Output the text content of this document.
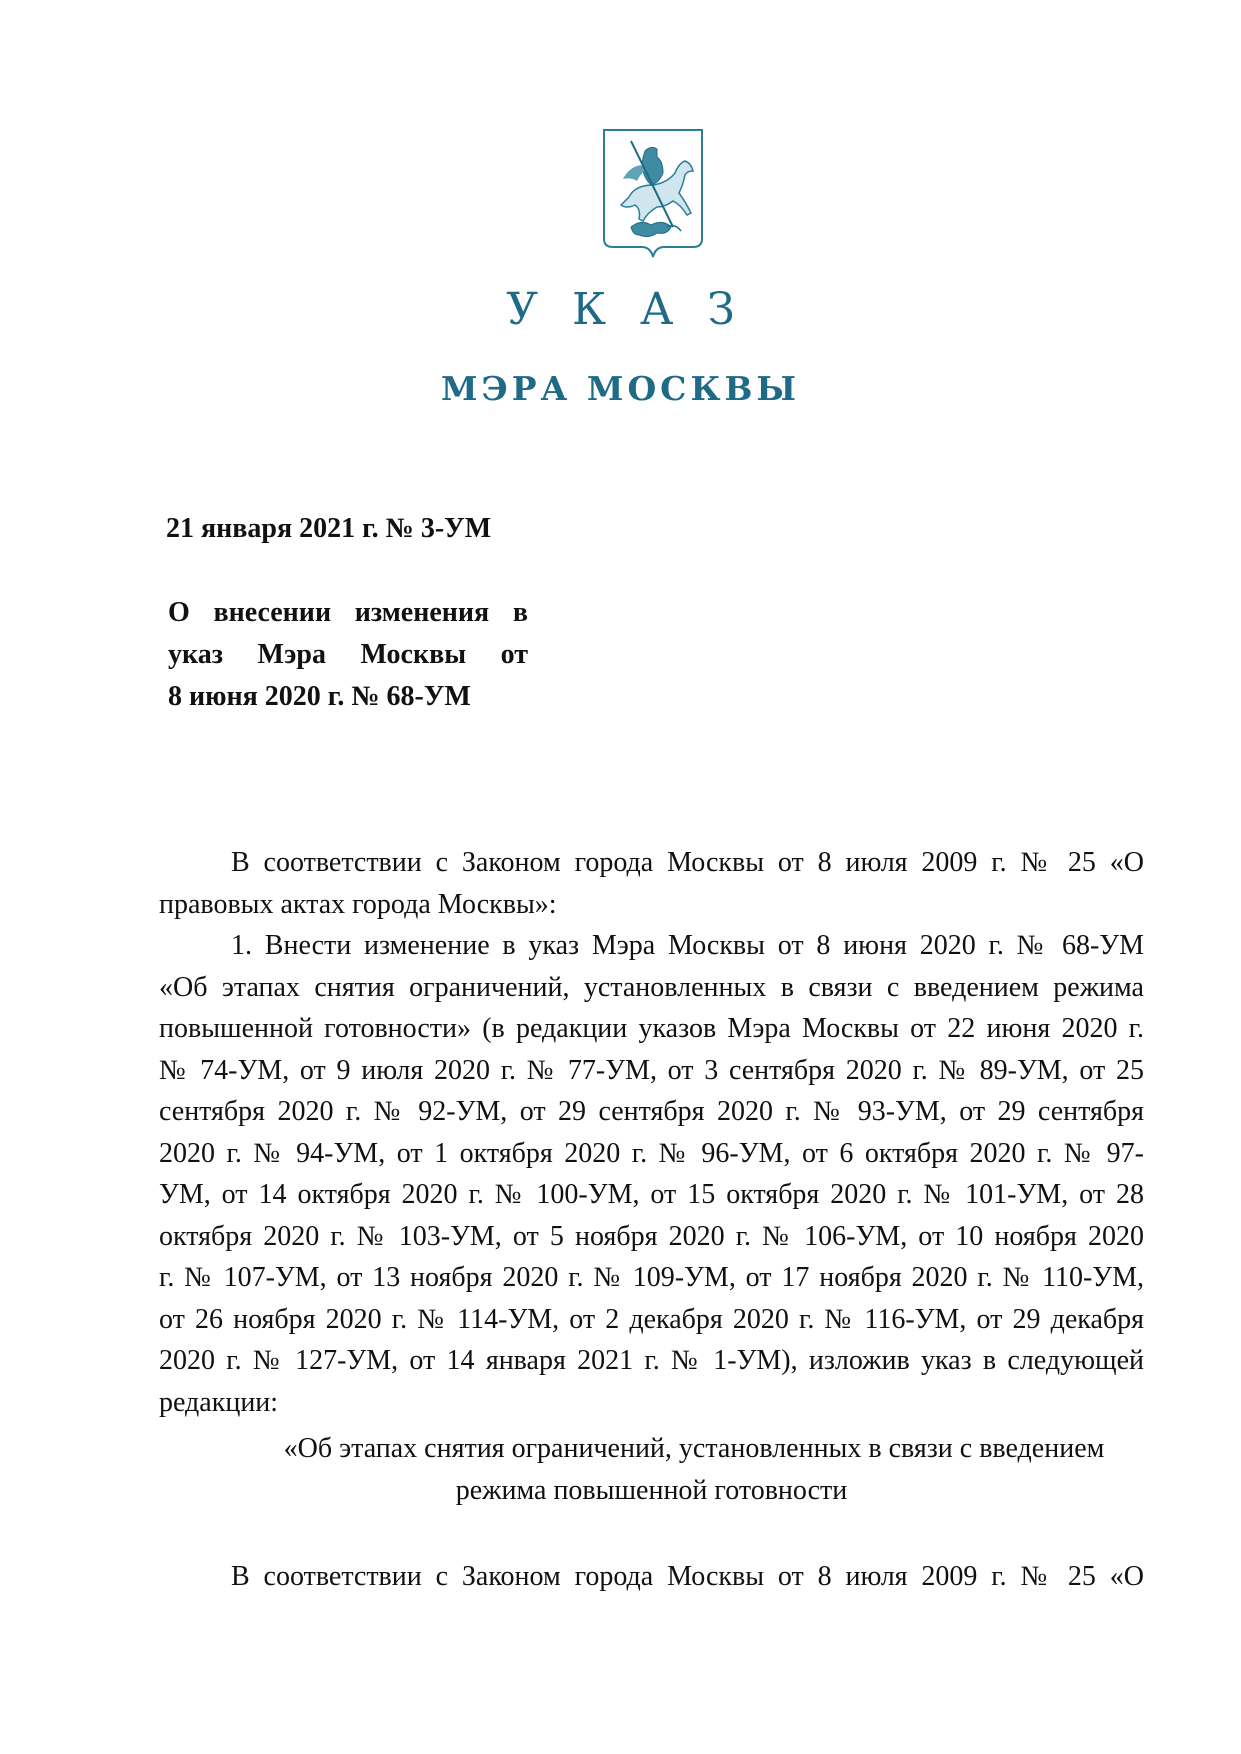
УКАЗ
МЭРА МОСКВЫ
21 января 2021 г. № 3-УМ
О внесении изменения в
указ Мэра Москвы от
8 июня 2020 г. № 68-УМ
В соответствии с Законом города Москвы от 8 июля 2009 г. № 25 «О
правовых актах города Москвы»:
1. Внести изменение в указ Мэра Москвы от 8 июня 2020 г. № 68-УМ
«Об этапах снятия ограничений, установленных в связи с введением режима
повышенной готовности» (в редакции указов Мэра Москвы от 22 июня 2020 г.
№ 74-УМ, от 9 июля 2020 г. № 77-УМ, от 3 сентября 2020 г. № 89-УМ, от 25
сентября 2020 г. № 92-УМ, от 29 сентября 2020 г. № 93-УМ, от 29 сентября
2020 г. № 94-УМ, от 1 октября 2020 г. № 96-УМ, от 6 октября 2020 г. № 97-
УМ, от 14 октября 2020 г. № 100-УМ, от 15 октября 2020 г. № 101-УМ, от 28
октября 2020 г. № 103-УМ, от 5 ноября 2020 г. № 106-УМ, от 10 ноября 2020
г. № 107-УМ, от 13 ноября 2020 г. № 109-УМ, от 17 ноября 2020 г. № 110-УМ,
от 26 ноября 2020 г. № 114-УМ, от 2 декабря 2020 г. № 116-УМ, от 29 декабря
2020 г. № 127-УМ, от 14 января 2021 г. № 1-УМ), изложив указ в следующей
редакции:
«Об этапах снятия ограничений, установленных в связи с введением
режима повышенной готовности
В соответствии с Законом города Москвы от 8 июля 2009 г. № 25 «О
